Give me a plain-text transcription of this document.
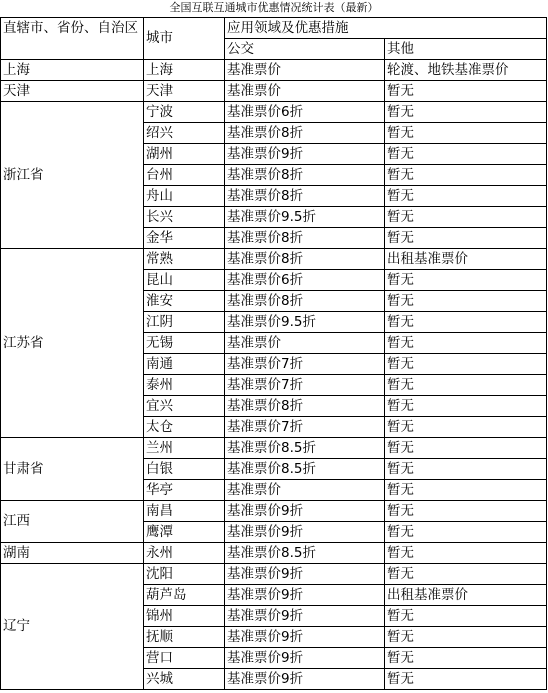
全国互联互通城市优惠情况统计表（最新）
直辖市、省份、自治区	城市	应用领域及优惠措施	
		公交	其他
上海	上海	基准票价	轮渡、地铁基准票价
天津	天津	基准票价	暂无
浙江省	宁波	基准票价6折	暂无
	绍兴	基准票价8折	暂无
	湖州	基准票价9折	暂无
	台州	基准票价8折	暂无
	舟山	基准票价8折	暂无
	长兴	基准票价9.5折	暂无
	金华	基准票价8折	暂无
江苏省	常熟	基准票价8折	出租基准票价
	昆山	基准票价6折	暂无
	淮安	基准票价8折	暂无
	江阴	基准票价9.5折	暂无
	无锡	基准票价	暂无
	南通	基准票价7折	暂无
	泰州	基准票价7折	暂无
	宜兴	基准票价8折	暂无
	太仓	基准票价7折	暂无
甘肃省	兰州	基准票价8.5折	暂无
	白银	基准票价8.5折	暂无
	华亭	基准票价	暂无
江西	南昌	基准票价9折	暂无
	鹰潭	基准票价9折	暂无
湖南	永州	基准票价8.5折	暂无
辽宁	沈阳	基准票价9折	暂无
	葫芦岛	基准票价9折	出租基准票价
	锦州	基准票价9折	暂无
	抚顺	基准票价9折	暂无
	营口	基准票价9折	暂无
	兴城	基准票价9折	暂无
